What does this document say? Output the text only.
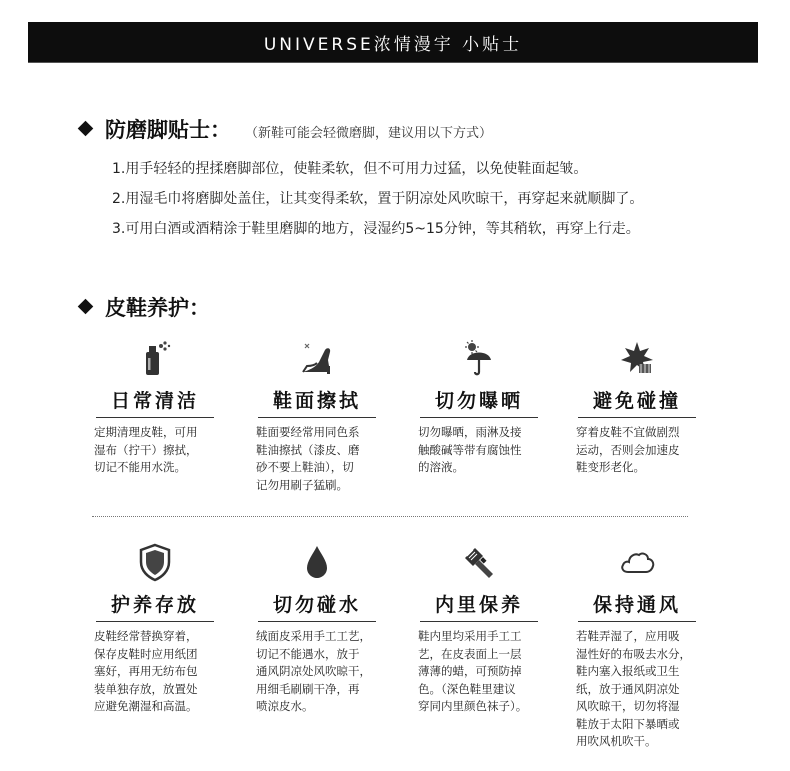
UNIVERSE浓情漫宇 小贴士
防磨脚贴士： （新鞋可能会轻微磨脚，建议用以下方式）
1.用手轻轻的捏揉磨脚部位，使鞋柔软，但不可用力过猛，以免使鞋面起皱。
2.用湿毛巾将磨脚处盖住，让其变得柔软，置于阴凉处风吹晾干，再穿起来就顺脚了。
3.可用白酒或酒精涂于鞋里磨脚的地方，浸湿约5~15分钟，等其稍软，再穿上行走。
皮鞋养护：
日常清洁
定期清理皮鞋，可用
湿布（拧干）擦拭，
切记不能用水洗。
鞋面擦拭
鞋面要经常用同色系
鞋油擦拭（漆皮、磨
砂不要上鞋油），切
记勿用刷子猛刷。
切勿曝晒
切勿曝晒，雨淋及接
触酸碱等带有腐蚀性
的溶液。
避免碰撞
穿着皮鞋不宜做剧烈
运动，否则会加速皮
鞋变形老化。
护养存放
皮鞋经常替换穿着，
保存皮鞋时应用纸团
塞好，再用无纺布包
装单独存放，放置处
应避免潮湿和高温。
切勿碰水
绒面皮采用手工工艺，
切记不能遇水，放于
通风阴凉处风吹晾干，
用细毛刷刷干净，再
喷涼皮水。
内里保养
鞋内里均采用手工工
艺，在皮表面上一层
薄薄的蜡，可预防掉
色。（深色鞋里建议
穿同内里颜色袜子）。
保持通风
若鞋弄湿了，应用吸
湿性好的布吸去水分，
鞋内塞入报纸或卫生
纸，放于通风阴凉处
风吹晾干，切勿将湿
鞋放于太阳下暴晒或
用吹风机吹干。
